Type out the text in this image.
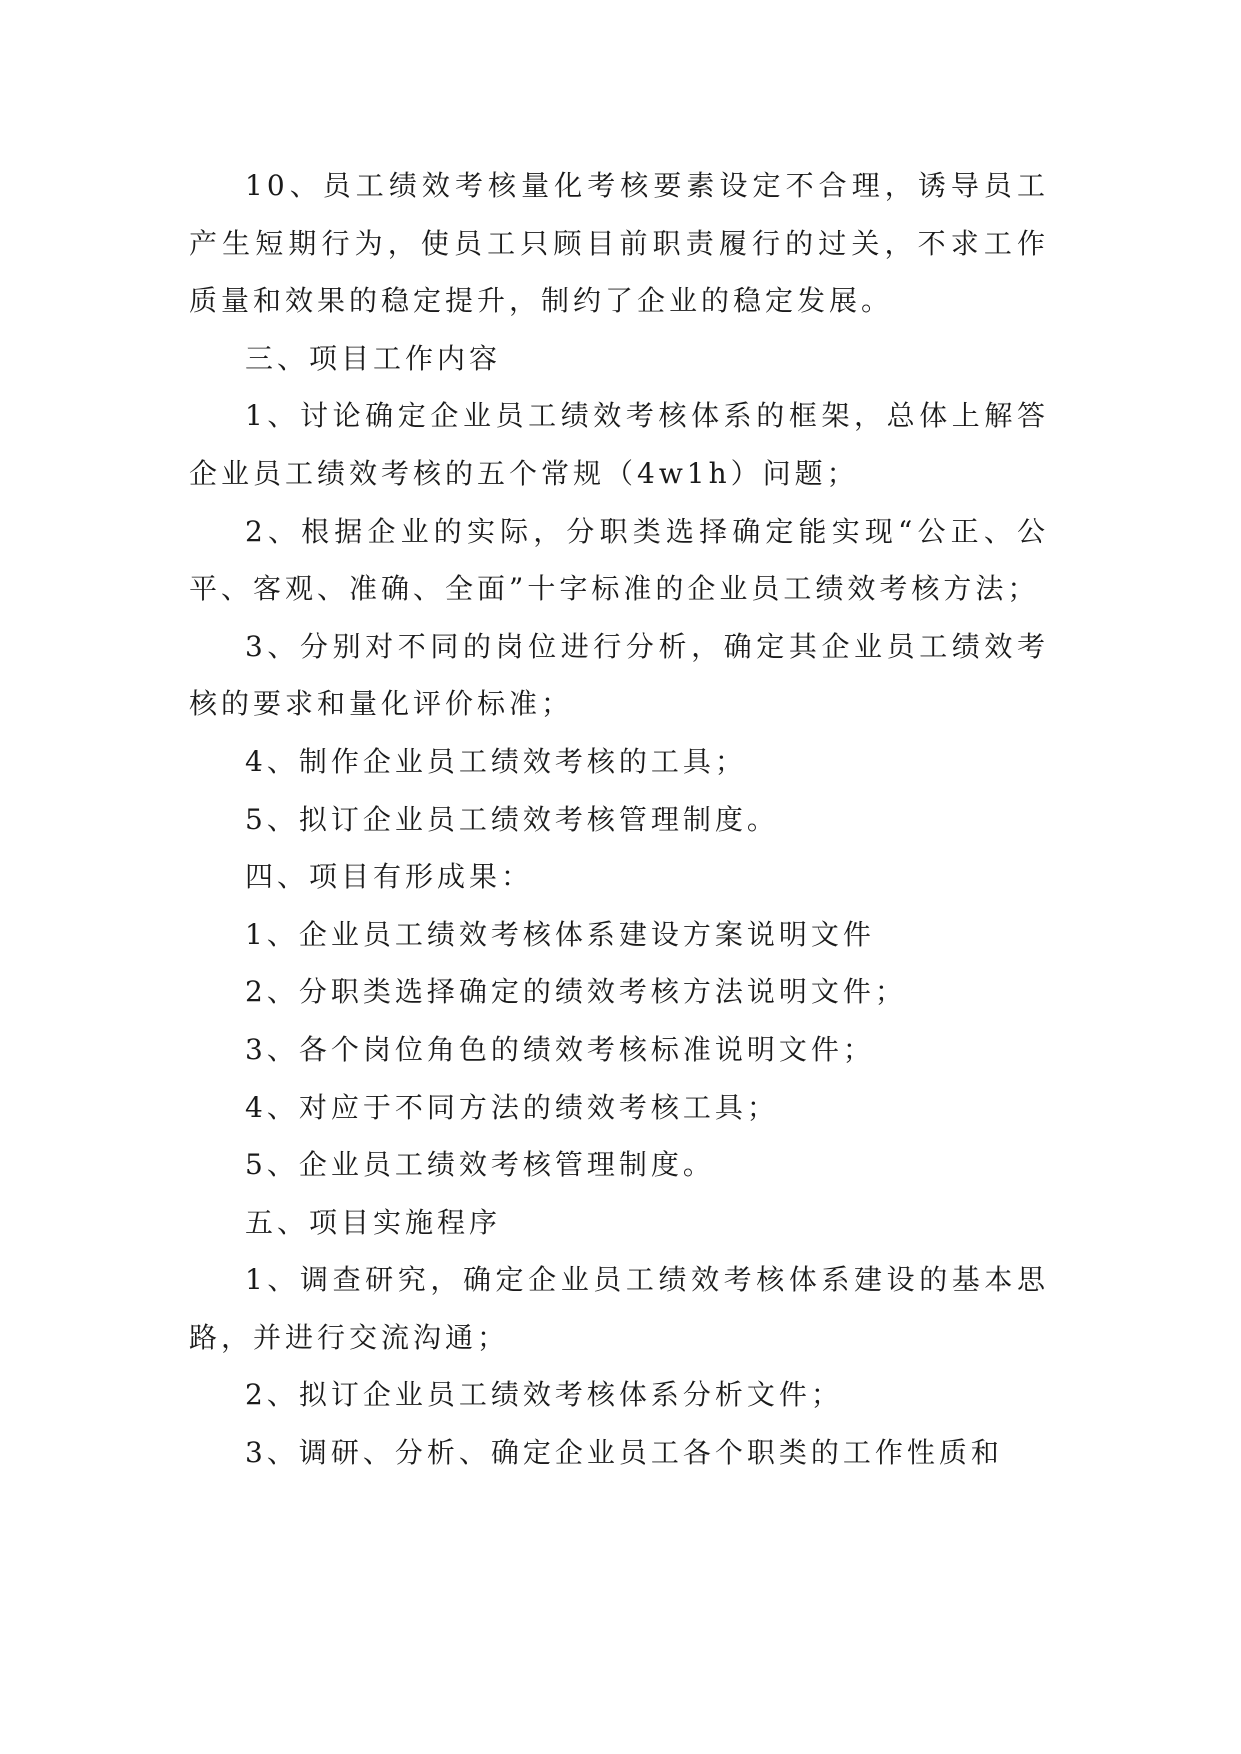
10、员工绩效考核量化考核要素设定不合理，诱导员工产生短期行为，使员工只顾目前职责履行的过关，不求工作质量和效果的稳定提升，制约了企业的稳定发展。

三、项目工作内容

1、讨论确定企业员工绩效考核体系的框架，总体上解答企业员工绩效考核的五个常规（4w1h）问题；

2、根据企业的实际，分职类选择确定能实现“公正、公平、客观、准确、全面”十字标准的企业员工绩效考核方法；

3、分别对不同的岗位进行分析，确定其企业员工绩效考核的要求和量化评价标准；

4、制作企业员工绩效考核的工具；

5、拟订企业员工绩效考核管理制度。

四、项目有形成果：

1、企业员工绩效考核体系建设方案说明文件

2、分职类选择确定的绩效考核方法说明文件；

3、各个岗位角色的绩效考核标准说明文件；

4、对应于不同方法的绩效考核工具；

5、企业员工绩效考核管理制度。

五、项目实施程序

1、调查研究，确定企业员工绩效考核体系建设的基本思路，并进行交流沟通；

2、拟订企业员工绩效考核体系分析文件；

3、调研、分析、确定企业员工各个职类的工作性质和
